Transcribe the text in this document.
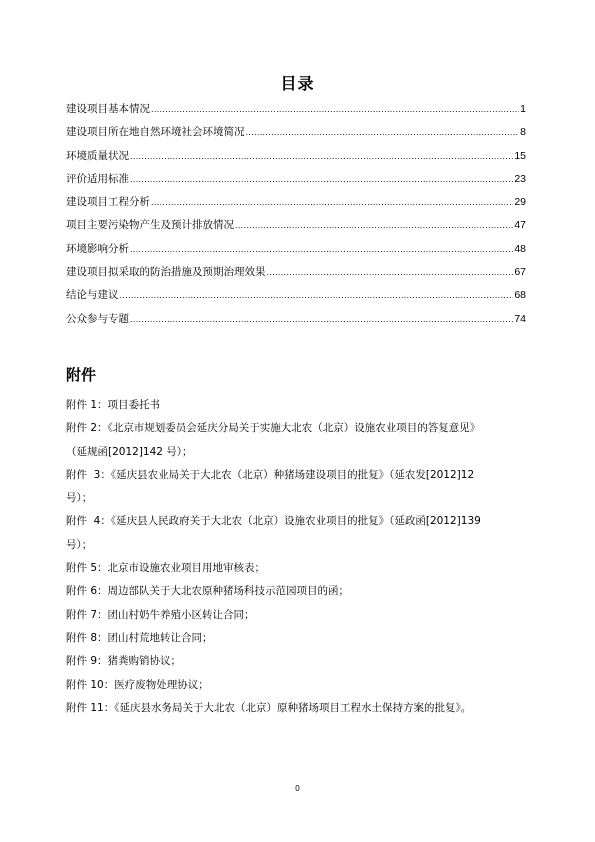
目录
建设项目基本情况 .....	1
建设项目所在地自然环境社会环境简况 .....	8
环境质量状况 .....	15
评价适用标准 .....	23
建设项目工程分析 .....	29
项目主要污染物产生及预计排放情况 .....	47
环境影响分析 .....	48
建设项目拟采取的防治措施及预期治理效果 .....	67
结论与建议 .....	68
公众参与专题 .....	74
附件
附件 1：项目委托书
附件 2：《北京市规划委员会延庆分局关于实施大北农（北京）设施农业项目的答复意见》
（延规函[2012]142 号）；
附件  3：《延庆县农业局关于大北农（北京）种猪场建设项目的批复》（延农发[2012]12
号）；
附件  4：《延庆县人民政府关于大北农（北京）设施农业项目的批复》（延政函[2012]139
号）；
附件 5：北京市设施农业项目用地审核表；
附件 6：周边部队关于大北农原种猪场科技示范园项目的函；
附件 7：团山村奶牛养殖小区转让合同；
附件 8：团山村荒地转让合同；
附件 9：猪粪购销协议；
附件 10：医疗废物处理协议；
附件 11：《延庆县水务局关于大北农（北京）原种猪场项目工程水土保持方案的批复》。
0
